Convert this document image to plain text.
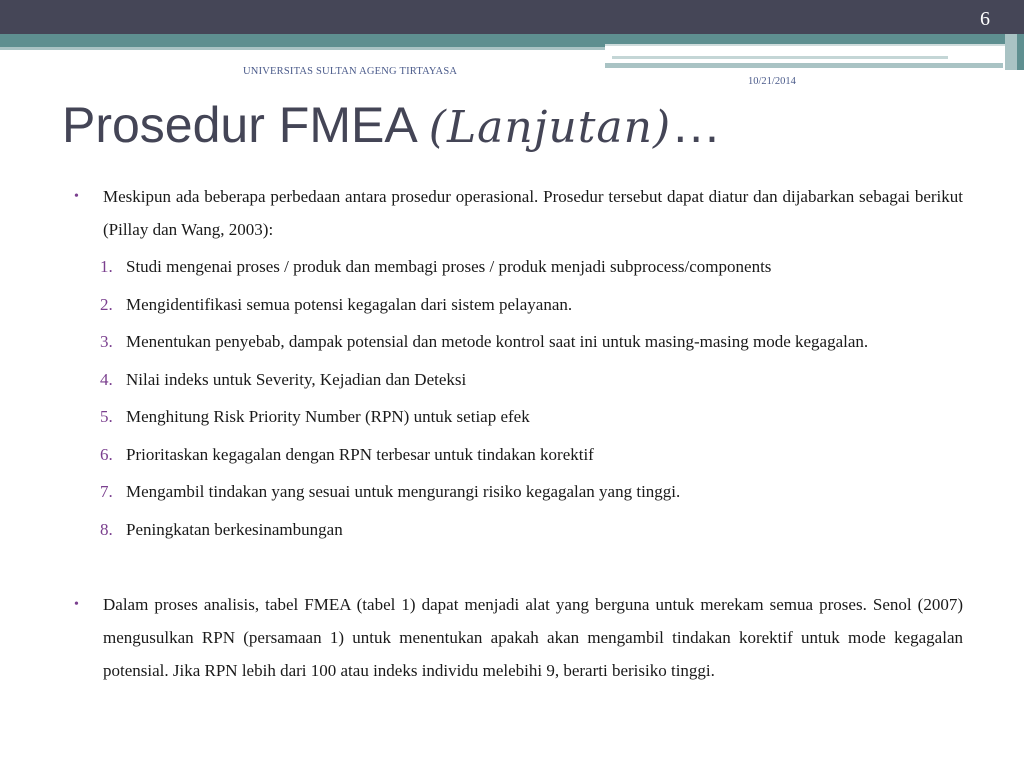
6
UNIVERSITAS SULTAN AGENG TIRTAYASA
10/21/2014
Prosedur FMEA (Lanjutan)…
• Meskipun ada beberapa perbedaan antara prosedur operasional. Prosedur tersebut dapat diatur dan dijabarkan sebagai berikut (Pillay dan Wang, 2003):
1. Studi mengenai proses / produk dan membagi proses / produk menjadi subprocess/components
2. Mengidentifikasi semua potensi kegagalan dari sistem pelayanan.
3. Menentukan penyebab, dampak potensial dan metode kontrol saat ini untuk masing-masing mode kegagalan.
4. Nilai indeks untuk Severity, Kejadian dan Deteksi
5. Menghitung Risk Priority Number (RPN) untuk setiap efek
6. Prioritaskan kegagalan dengan RPN terbesar untuk tindakan korektif
7. Mengambil tindakan yang sesuai untuk mengurangi risiko kegagalan yang tinggi.
8. Peningkatan berkesinambungan
• Dalam proses analisis, tabel FMEA (tabel 1) dapat menjadi alat yang berguna untuk merekam semua proses. Senol (2007) mengusulkan RPN (persamaan 1) untuk menentukan apakah akan mengambil tindakan korektif untuk mode kegagalan potensial. Jika RPN lebih dari 100 atau indeks individu melebihi 9, berarti berisiko tinggi.
